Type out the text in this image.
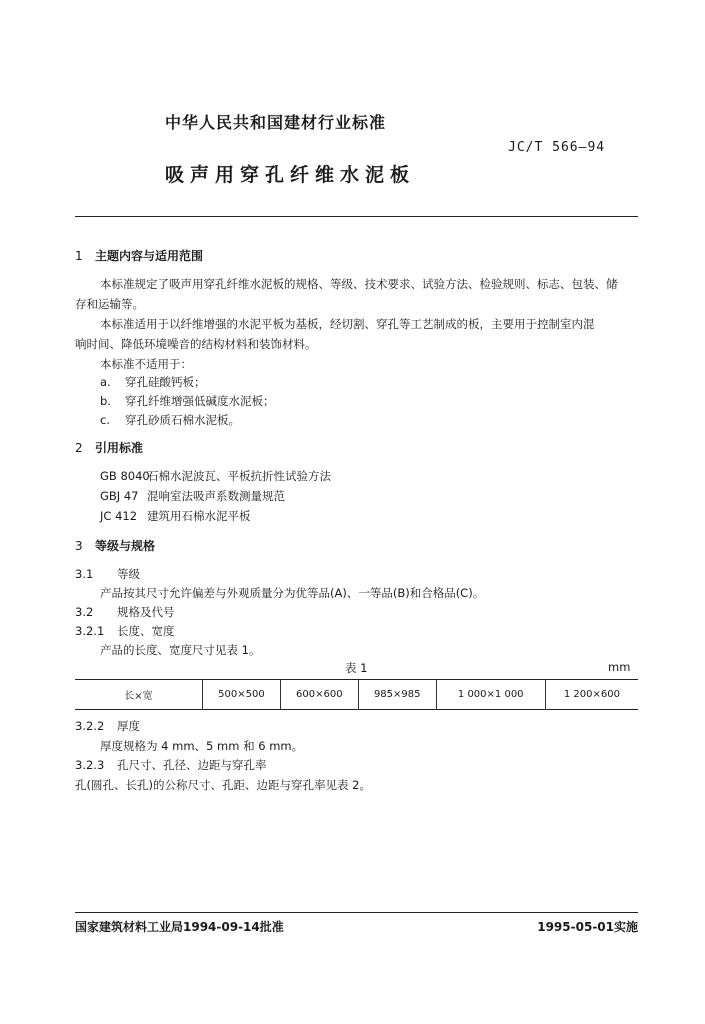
中华人民共和国建材行业标准
JC/T 566—94
吸声用穿孔纤维水泥板
1 主题内容与适用范围
本标准规定了吸声用穿孔纤维水泥板的规格、等级、技术要求、试验方法、检验规则、标志、包装、储
存和运输等。
本标准适用于以纤维增强的水泥平板为基板，经切割、穿孔等工艺制成的板，主要用于控制室内混
响时间、降低环境噪音的结构材料和装饰材料。
本标准不适用于：
a. 穿孔硅酸钙板；
b. 穿孔纤维增强低碱度水泥板；
c. 穿孔砂质石棉水泥板。
2 引用标准
GB 8040石棉水泥波瓦、平板抗折性试验方法
GBJ 47 混响室法吸声系数测量规范
JC 412 建筑用石棉水泥平板
3 等级与规格
3.1 等级
产品按其尺寸允许偏差与外观质量分为优等品(A)、一等品(B)和合格品(C)。
3.2 规格及代号
3.2.1 长度、宽度
产品的长度、宽度尺寸见表 1。
表 1	mm
长×宽	500×500	600×600	985×985	1 000×1 000	1 200×600
3.2.2 厚度
厚度规格为 4 mm、5 mm 和 6 mm。
3.2.3 孔尺寸、孔径、边距与穿孔率
孔(圆孔、长孔)的公称尺寸、孔距、边距与穿孔率见表 2。
国家建筑材料工业局1994-09-14批准	1995-05-01实施
